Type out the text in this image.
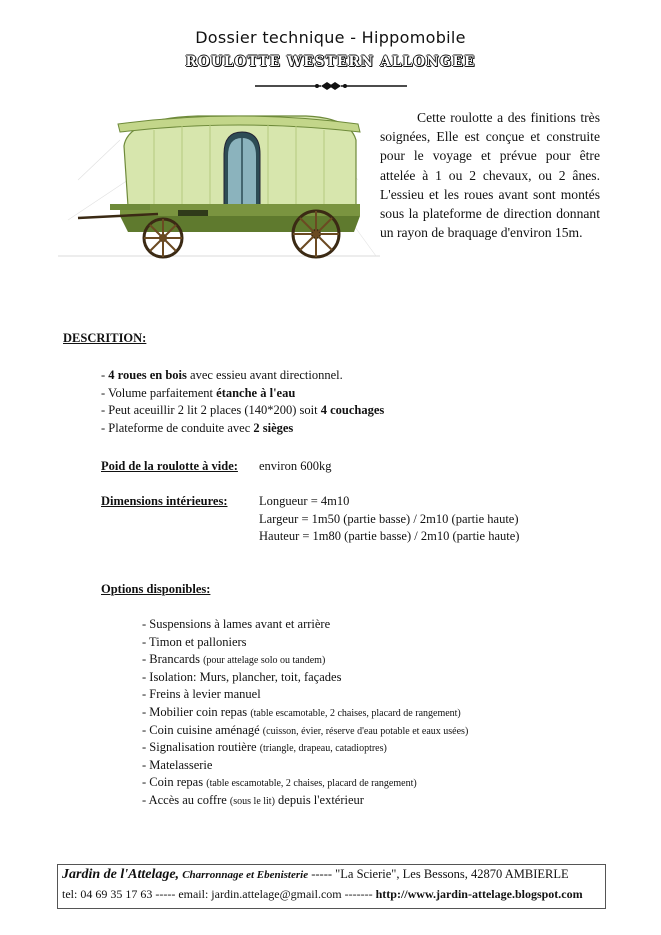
Dossier technique - Hippomobile
ROULOTTE WESTERN ALLONGEE
Cette roulotte a des finitions très soignées, Elle est conçue et construite pour le voyage et prévue pour être attelée à 1 ou 2 chevaux, ou 2 ânes. L'essieu et les roues avant sont montés sous la plateforme de direction donnant un rayon de braquage d'environ 15m.
DESCRITION:
- 4 roues en bois avec essieu avant directionnel.
- Volume parfaitement étanche à l'eau
- Peut aceuillir 2 lit 2 places (140*200) soit 4 couchages
- Plateforme de conduite avec 2 sièges
Poid de la roulotte à vide: environ 600kg
Dimensions intérieures:	Longueur = 4m10
Largeur = 1m50 (partie basse) / 2m10 (partie haute)
Hauteur = 1m80 (partie basse) / 2m10 (partie haute)
Options disponibles:
- Suspensions à lames avant et arrière
- Timon et palloniers
- Brancards (pour attelage solo ou tandem)
- Isolation: Murs, plancher, toit, façades
- Freins à levier manuel
- Mobilier coin repas (table escamotable, 2 chaises, placard de rangement)
- Coin cuisine aménagé (cuisson, évier, réserve d'eau potable et eaux usées)
- Signalisation routière (triangle, drapeau, catadioptres)
- Matelasserie
- Coin repas (table escamotable, 2 chaises, placard de rangement)
- Accès au coffre (sous le lit) depuis l'extérieur
Jardin de l'Attelage, Charronnage et Ebenisterie ----- "La Scierie", Les Bessons, 42870 AMBIERLE
tel: 04 69 35 17 63 ----- email: jardin.attelage@gmail.com ------- http://www.jardin-attelage.blogspot.com
